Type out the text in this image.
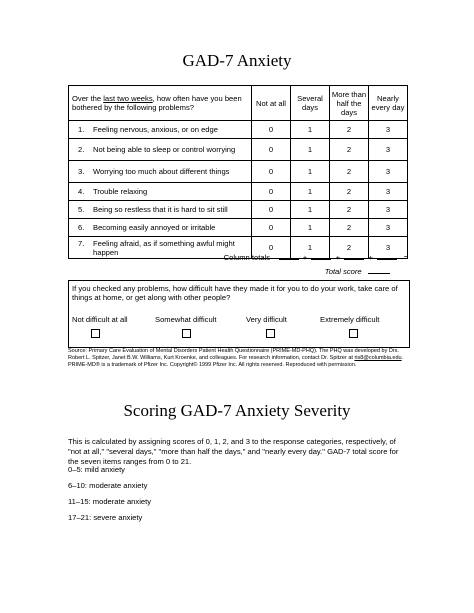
GAD-7 Anxiety
Over the last two weeks, how often have you been bothered by the following problems?	Not at all	Several days	More than half the days	Nearly every day

1. Feeling nervous, anxious, or on edge	0	1	2	3

2. Not being able to sleep or control worrying	0	1	2	3

3. Worrying too much about different things	0	1	2	3

4. Trouble relaxing	0	1	2	3

5. Being so restless that it is hard to sit still	0	1	2	3

6. Becoming easily annoyed or irritable	0	1	2	3

7. Feeling afraid, as if something awful might happen	0	1	2	3
Column totals	+	+	+	=
Total score

If you checked any problems, how difficult have they made it for you to do your work, take care of things at home, or get along with other people?

Not difficult at all	Somewhat difficult	Very difficult	Extremely difficult

Source: Primary Care Evaluation of Mental Disorders Patient Health Questionnaire (PRIME-MD-PHQ). The PHQ was developed by Drs. Robert L. Spitzer, Janet B.W. Williams, Kurt Kroenke, and colleagues. For research information, contact Dr. Spitzer at ris8@columbia.edu.

PRIME-MD® is a trademark of Pfizer Inc. Copyright© 1999 Pfizer Inc. All rights reserved. Reproduced with permission.

Scoring GAD-7 Anxiety Severity
This is calculated by assigning scores of 0, 1, 2, and 3 to the response categories, respectively, of "not at all," "several days," "more than half the days," and "nearly every day." GAD-7 total score for the seven items ranges from 0 to 21.
0–5: mild anxiety
6–10: moderate anxiety
11–15: moderate anxiety
17–21: severe anxiety
